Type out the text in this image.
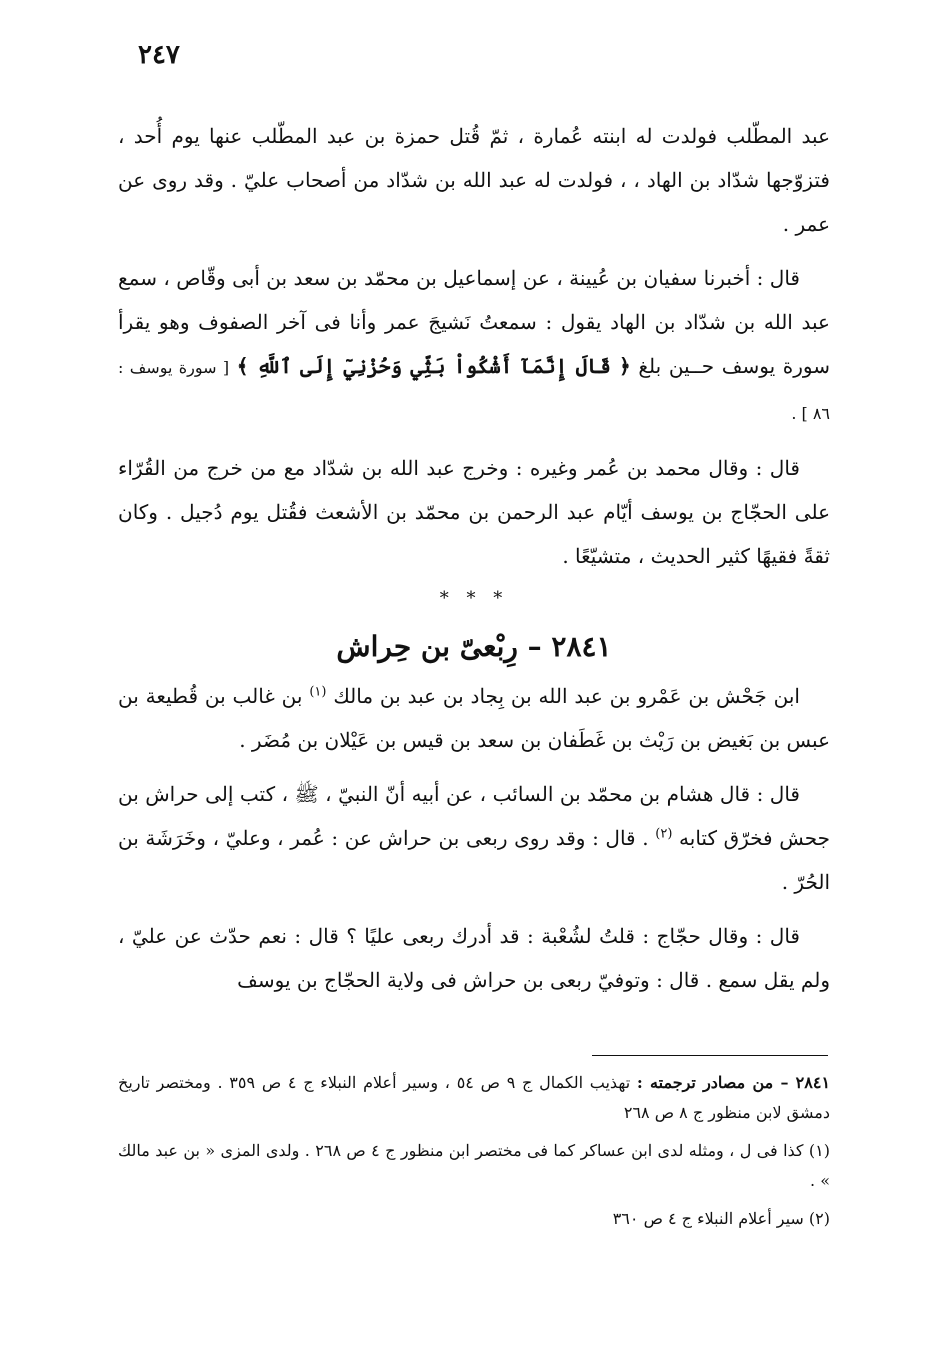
٢٤٧

عبد المطّلب فولدت له ابنته عُمارة ، ثمّ قُتل حمزة بن عبد المطّلب عنها يوم أُحد ، فتزوّجها شدّاد بن الهاد ، ، فولدت له عبد الله بن شدّاد من أصحاب عليّ . وقد روى عن عمر .

قال : أخبرنا سفيان بن عُيينة ، عن إسماعيل بن محمّد بن سعد بن أبى وقّاص ، سمع عبد الله بن شدّاد بن الهاد يقول : سمعتُ نَشيجَ عمر وأنا فى آخر الصفوف وهو يقرأ سورة يوسف حــين بلغ ﴿ قَالَ إِنَّمَآ أَشْكُواْ بَثِّي وَحُزْنِيٓ إِلَى ٱللَّهِ ﴾ [ سورة يوسف : ٨٦ ] .

قال : وقال محمد بن عُمر وغيره : وخرج عبد الله بن شدّاد مع من خرج من القُرّاء على الحجّاج بن يوسف أيّام عبد الرحمن بن محمّد بن الأشعث فقُتل يوم دُجيل . وكان ثقةً فقيهًا كثير الحديث ، متشيّعًا .

* * *
٢٨٤١ – رِبْعىّ بن حِراش

ابن جَحْش بن عَمْرو بن عبد الله بن بِجاد بن عبد بن مالك $^{(١)}$ بن غالب بن قُطيعة بن عبس بن بَغيض بن رَيْث بن غَطَفان بن سعد بن قيس بن عَيْلان بن مُضَر .

قال : قال هشام بن محمّد بن السائب ، عن أبيه أنّ النبيّ ، ﷺ ، كتب إلى حراش بن جحش فخرّق كتابه $^{(٢)}$ . قال : وقد روى ربعى بن حراش عن : عُمر ، وعليّ ، وخَرَشَة بن الحُرّ .

قال : وقال حجّاج : قلتُ لشُعْبة : قد أدرك ربعى عليًا ؟ قال : نعم حدّث عن عليّ ، ولم يقل سمع . قال : وتوفيّ ربعى بن حراش فى ولاية الحجّاج بن يوسف

٢٨٤١ – من مصادر ترجمته : تهذيب الكمال ج ٩ ص ٥٤ ، وسير أعلام النبلاء ج ٤ ص ٣٥٩ . ومختصر تاريخ دمشق لابن منظور ج ٨ ص ٢٦٨

(١) كذا فى ل ، ومثله لدى ابن عساكر كما فى مختصر ابن منظور ج ٤ ص ٢٦٨ . ولدى المزى « بن عبد مالك » .

(٢) سير أعلام النبلاء ج ٤ ص ٣٦٠
